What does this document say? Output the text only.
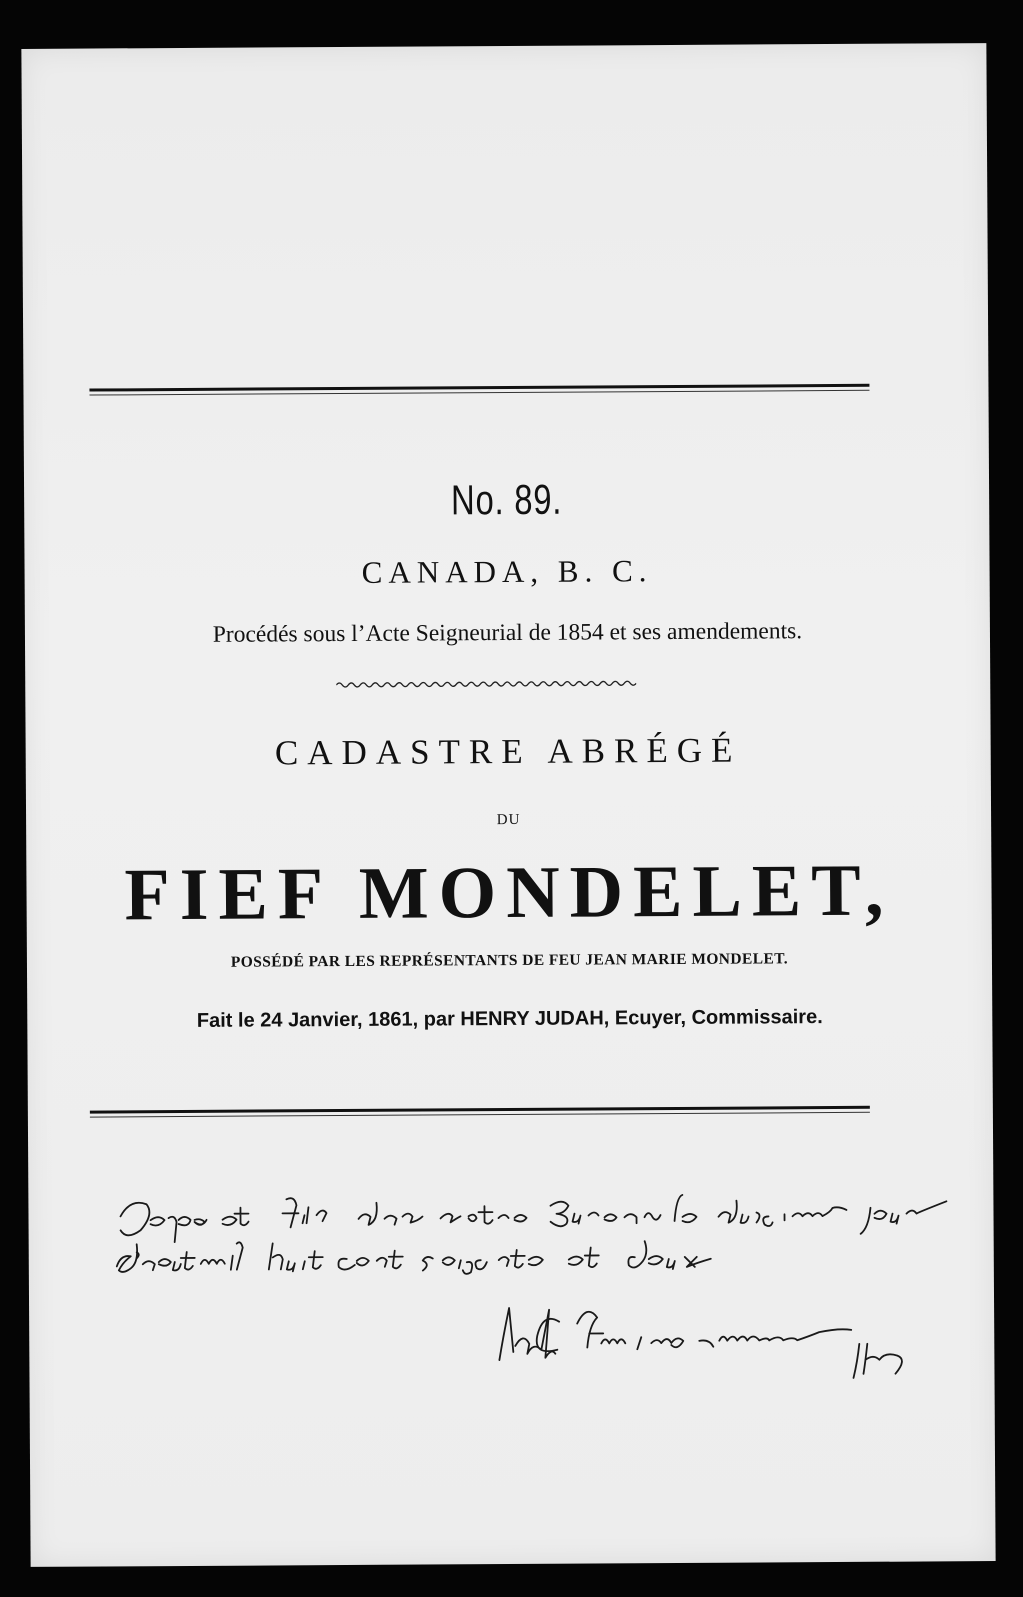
No. 89.
CANADA, B. C.
Procédés sous l’Acte Seigneurial de 1854 et ses amendements.
CADASTRE ABRÉGÉ
DU
FIEF MONDELET,
POSSÉDÉ PAR LES REPRÉSENTANTS DE FEU JEAN MARIE MONDELET.
Fait le 24 Janvier, 1861, par HENRY JUDAH, Ecuyer, Commissaire.
